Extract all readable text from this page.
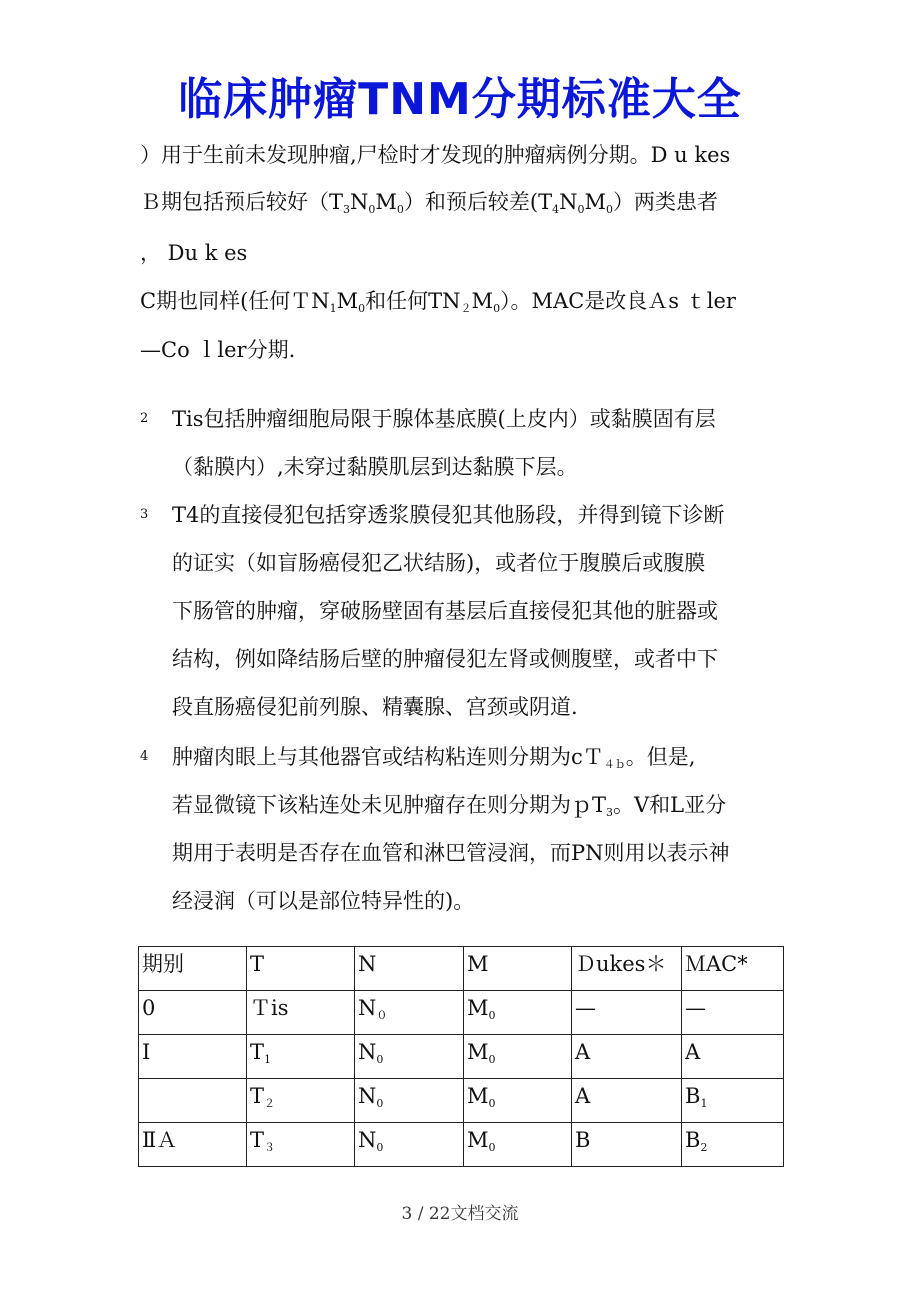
临床肿瘤TNM分期标准大全
）用于生前未发现肿瘤,尸检时才发现的肿瘤病例分期。D u kes
Ｂ期包括预后较好$(T_3N_0M_0)$和预后较差$(T_4N_0M_0)$两类患者
， Du k es
C期也同样(任何$TN_1M_0$和任何$TN_2M_0$）。MAC是改良Ａs ｔler
—Co ｌler分期.
2 Tis包括肿瘤细胞局限于腺体基底膜(上皮内）或黏膜固有层
（黏膜内）,未穿过黏膜肌层到达黏膜下层。
3 T4的直接侵犯包括穿透浆膜侵犯其他肠段，并得到镜下诊断
的证实（如盲肠癌侵犯乙状结肠)，或者位于腹膜后或腹膜
下肠管的肿瘤，穿破肠壁固有基层后直接侵犯其他的脏器或
结构，例如降结肠后壁的肿瘤侵犯左肾或侧腹壁，或者中下
段直肠癌侵犯前列腺、精囊腺、宫颈或阴道.
4 肿瘤肉眼上与其他器官或结构粘连则分期为cＴ$_{4b}$。但是,
若显微镜下该粘连处未见肿瘤存在则分期为ｐT$_3$。V和L亚分
期用于表明是否存在血管和淋巴管浸润，而PN则用以表示神
经浸润（可以是部位特异性的)。
期别	T	N	M	Ｄukes＊	ＭAC*
0	Ｔis	$N_0$	$M_0$	—	—
Ⅰ	$T_1$	$N_0$	$M_0$	A	A
	$T_2$	$N_0$	$M_0$	A	$B_1$
ⅡＡ	$T_3$	$N_0$	$M_0$	B	$B_2$
3 / 22文档交流
